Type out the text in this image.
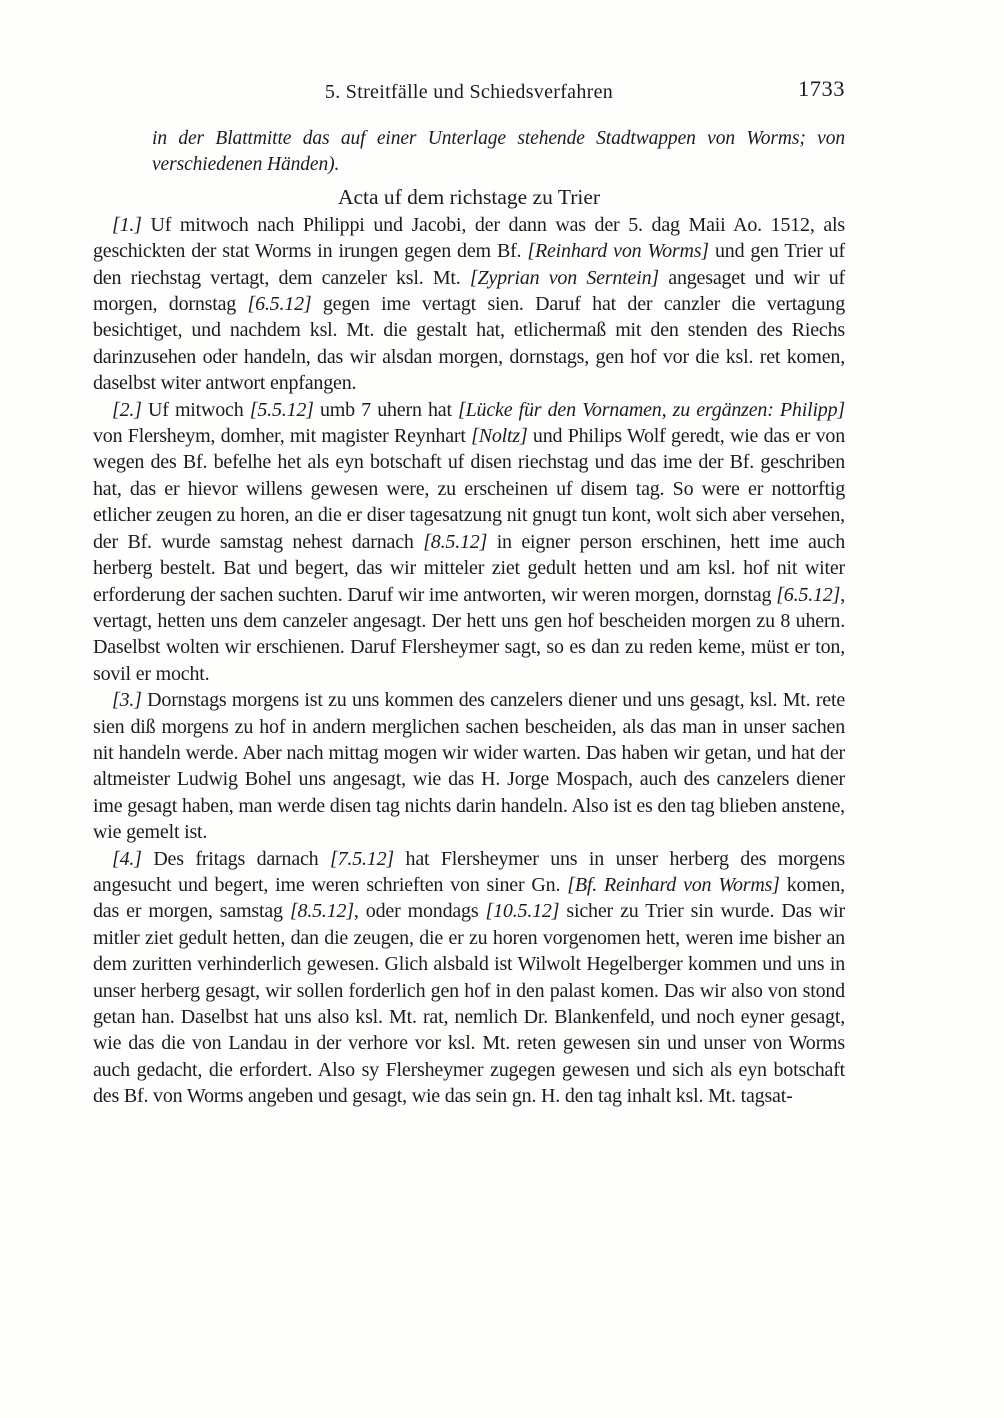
5. Streitfälle und Schiedsverfahren	1733
in der Blattmitte das auf einer Unterlage stehende Stadtwappen von Worms; von verschiedenen Händen).
Acta uf dem richstage zu Trier

[1.] Uf mitwoch nach Philippi und Jacobi, der dann was der 5. dag Maii Ao. 1512, als geschickten der stat Worms in irungen gegen dem Bf. [Reinhard von Worms] und gen Trier uf den riechstag vertagt, dem canzeler ksl. Mt. [Zyprian von Serntein] angesaget und wir uf morgen, dornstag [6.5.12] gegen ime vertagt sien. Daruf hat der canzler die vertagung besichtiget, und nachdem ksl. Mt. die gestalt hat, etlichermaß mit den stenden des Riechs darinzusehen oder handeln, das wir alsdan morgen, dornstags, gen hof vor die ksl. ret komen, daselbst witer antwort enpfangen.

[2.] Uf mitwoch [5.5.12] umb 7 uhern hat [Lücke für den Vornamen, zu ergänzen: Philipp] von Flersheym, domher, mit magister Reynhart [Noltz] und Philips Wolf geredt, wie das er von wegen des Bf. befelhe het als eyn botschaft uf disen riechstag und das ime der Bf. geschriben hat, das er hievor willens gewesen were, zu erscheinen uf disem tag. So were er nottorftig etlicher zeugen zu horen, an die er diser tagesatzung nit gnugt tun kont, wolt sich aber versehen, der Bf. wurde samstag nehest darnach [8.5.12] in eigner person erschinen, hett ime auch herberg bestelt. Bat und begert, das wir mitteler ziet gedult hetten und am ksl. hof nit witer erforderung der sachen suchten. Daruf wir ime antworten, wir weren morgen, dornstag [6.5.12], vertagt, hetten uns dem canzeler angesagt. Der hett uns gen hof bescheiden morgen zu 8 uhern. Daselbst wolten wir erschienen. Daruf Flersheymer sagt, so es dan zu reden keme, müst er ton, sovil er mocht.

[3.] Dornstags morgens ist zu uns kommen des canzelers diener und uns gesagt, ksl. Mt. rete sien diß morgens zu hof in andern merglichen sachen bescheiden, als das man in unser sachen nit handeln werde. Aber nach mittag mogen wir wider warten. Das haben wir getan, und hat der altmeister Ludwig Bohel uns angesagt, wie das H. Jorge Mospach, auch des canzelers diener ime gesagt haben, man werde disen tag nichts darin handeln. Also ist es den tag blieben anstene, wie gemelt ist.

[4.] Des fritags darnach [7.5.12] hat Flersheymer uns in unser herberg des morgens angesucht und begert, ime weren schrieften von siner Gn. [Bf. Reinhard von Worms] komen, das er morgen, samstag [8.5.12], oder mondags [10.5.12] sicher zu Trier sin wurde. Das wir mitler ziet gedult hetten, dan die zeugen, die er zu horen vorgenomen hett, weren ime bisher an dem zuritten verhinderlich gewesen. Glich alsbald ist Wilwolt Hegelberger kommen und uns in unser herberg gesagt, wir sollen forderlich gen hof in den palast komen. Das wir also von stond getan han. Daselbst hat uns also ksl. Mt. rat, nemlich Dr. Blankenfeld, und noch eyner gesagt, wie das die von Landau in der verhore vor ksl. Mt. reten gewesen sin und unser von Worms auch gedacht, die erfordert. Also sy Flersheymer zugegen gewesen und sich als eyn botschaft des Bf. von Worms angeben und gesagt, wie das sein gn. H. den tag inhalt ksl. Mt. tagsat-
